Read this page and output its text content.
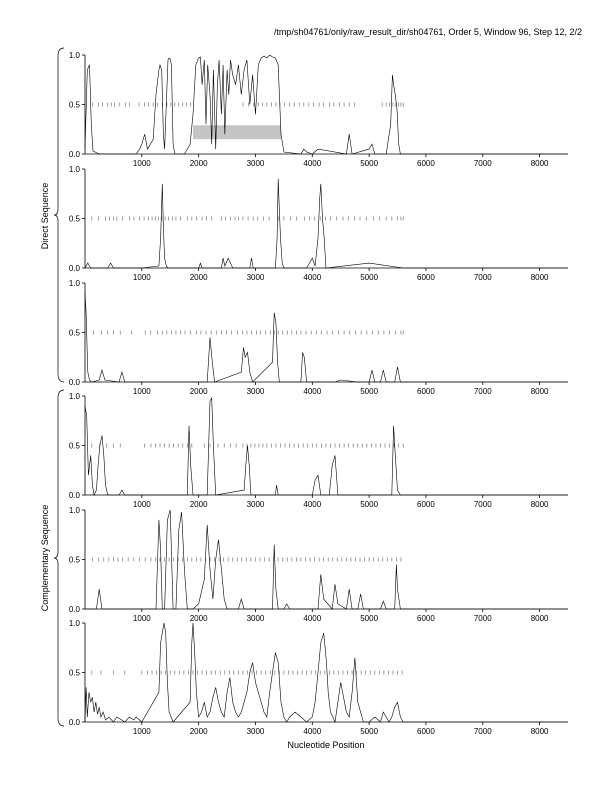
/tmp/sh04761/only/raw_result_dir/sh04761, Order 5, Window 96, Step 12, 2/2
0.0
0.5
1.0
1000	2000	3000	4000	5000	6000	7000	8000
0.0
0.5
1.0
1000	2000	3000	4000	5000	6000	7000	8000
0.0
0.5
1.0
1000	2000	3000	4000	5000	6000	7000	8000
0.0
0.5
1.0
1000	2000	3000	4000	5000	6000	7000	8000
0.0
0.5
1.0
1000	2000	3000	4000	5000	6000	7000	8000
0.0
0.5
1.0
1000	2000	3000	4000	5000	6000	7000	8000
Nucleotide Position
Direct Sequence
Complementary Sequence
